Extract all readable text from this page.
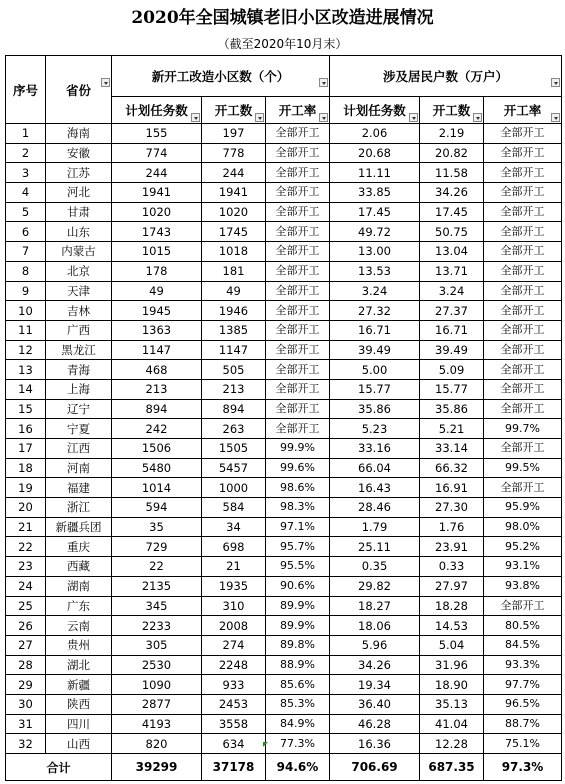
2020年全国城镇老旧小区改造进展情况
（截至2020年10月末）
序号	省份	新开工改造小区数（个）			涉及居民户数（万户）		

		计划任务数	开工数	开工率	计划任务数	开工数	开工率

1	海南	155	197	全部开工	2.06	2.19	全部开工
2	安徽	774	778	全部开工	20.68	20.82	全部开工
3	江苏	244	244	全部开工	11.11	11.58	全部开工
4	河北	1941	1941	全部开工	33.85	34.26	全部开工
5	甘肃	1020	1020	全部开工	17.45	17.45	全部开工
6	山东	1743	1745	全部开工	49.72	50.75	全部开工
7	内蒙古	1015	1018	全部开工	13.00	13.04	全部开工
8	北京	178	181	全部开工	13.53	13.71	全部开工
9	天津	49	49	全部开工	3.24	3.24	全部开工
10	吉林	1945	1946	全部开工	27.32	27.37	全部开工
11	广西	1363	1385	全部开工	16.71	16.71	全部开工
12	黑龙江	1147	1147	全部开工	39.49	39.49	全部开工
13	青海	468	505	全部开工	5.00	5.09	全部开工
14	上海	213	213	全部开工	15.77	15.77	全部开工
15	辽宁	894	894	全部开工	35.86	35.86	全部开工
16	宁夏	242	263	全部开工	5.23	5.21	99.7%
17	江西	1506	1505	99.9%	33.16	33.14	全部开工
18	河南	5480	5457	99.6%	66.04	66.32	99.5%
19	福建	1014	1000	98.6%	16.43	16.91	全部开工
20	浙江	594	584	98.3%	28.46	27.30	95.9%
21	新疆兵团	35	34	97.1%	1.79	1.76	98.0%
22	重庆	729	698	95.7%	25.11	23.91	95.2%
23	西藏	22	21	95.5%	0.35	0.33	93.1%
24	湖南	2135	1935	90.6%	29.82	27.97	93.8%
25	广东	345	310	89.9%	18.27	18.28	全部开工
26	云南	2233	2008	89.9%	18.06	14.53	80.5%
27	贵州	305	274	89.8%	5.96	5.04	84.5%
28	湖北	2530	2248	88.9%	34.26	31.96	93.3%
29	新疆	1090	933	85.6%	19.34	18.90	97.7%
30	陕西	2877	2453	85.3%	36.40	35.13	96.5%
31	四川	4193	3558	84.9%	46.28	41.04	88.7%
32	山西	820	634	77.3%	16.36	12.28	75.1%
合计		39299	37178	94.6%	706.69	687.35	97.3%
